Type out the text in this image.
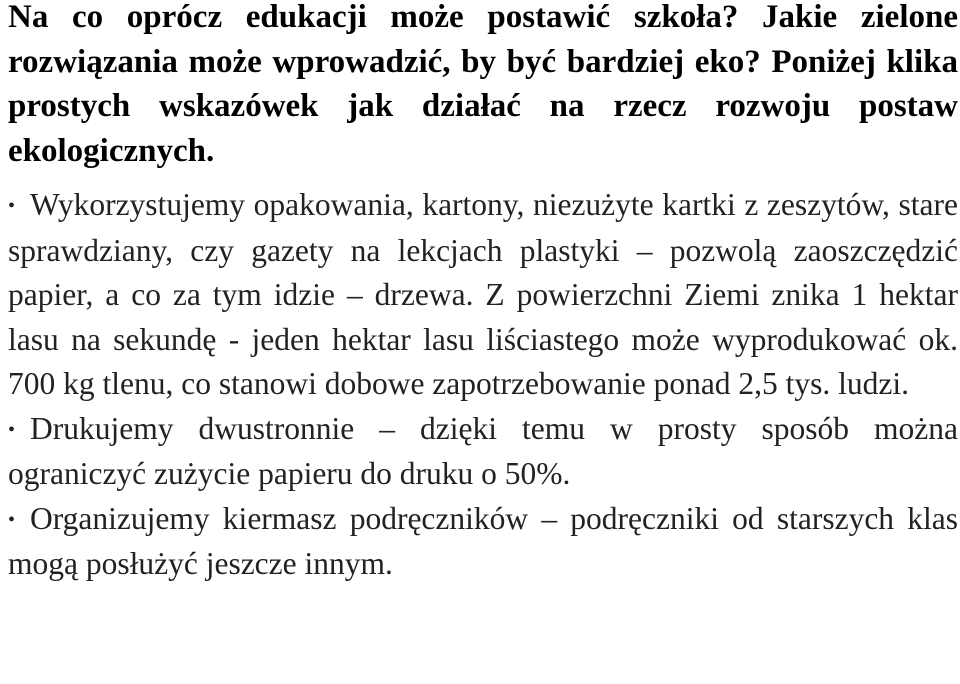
Na co oprócz edukacji może postawić szkoła? Jakie zielone rozwiązania może wprowadzić, by być bardziej eko? Poniżej klika prostych wskazówek jak działać na rzecz rozwoju postaw ekologicznych.

• Wykorzystujemy opakowania, kartony, niezużyte kartki z zeszytów, stare sprawdziany, czy gazety na lekcjach plastyki – pozwolą zaoszczędzić papier, a co za tym idzie – drzewa. Z powierzchni Ziemi znika 1 hektar lasu na sekundę - jeden hektar lasu liściastego może wyprodukować ok. 700 kg tlenu, co stanowi dobowe zapotrzebowanie ponad 2,5 tys. ludzi.

• Drukujemy dwustronnie – dzięki temu w prosty sposób można ograniczyć zużycie papieru do druku o 50%.

• Organizujemy kiermasz podręczników – podręczniki od starszych klas mogą posłużyć jeszcze innym.
